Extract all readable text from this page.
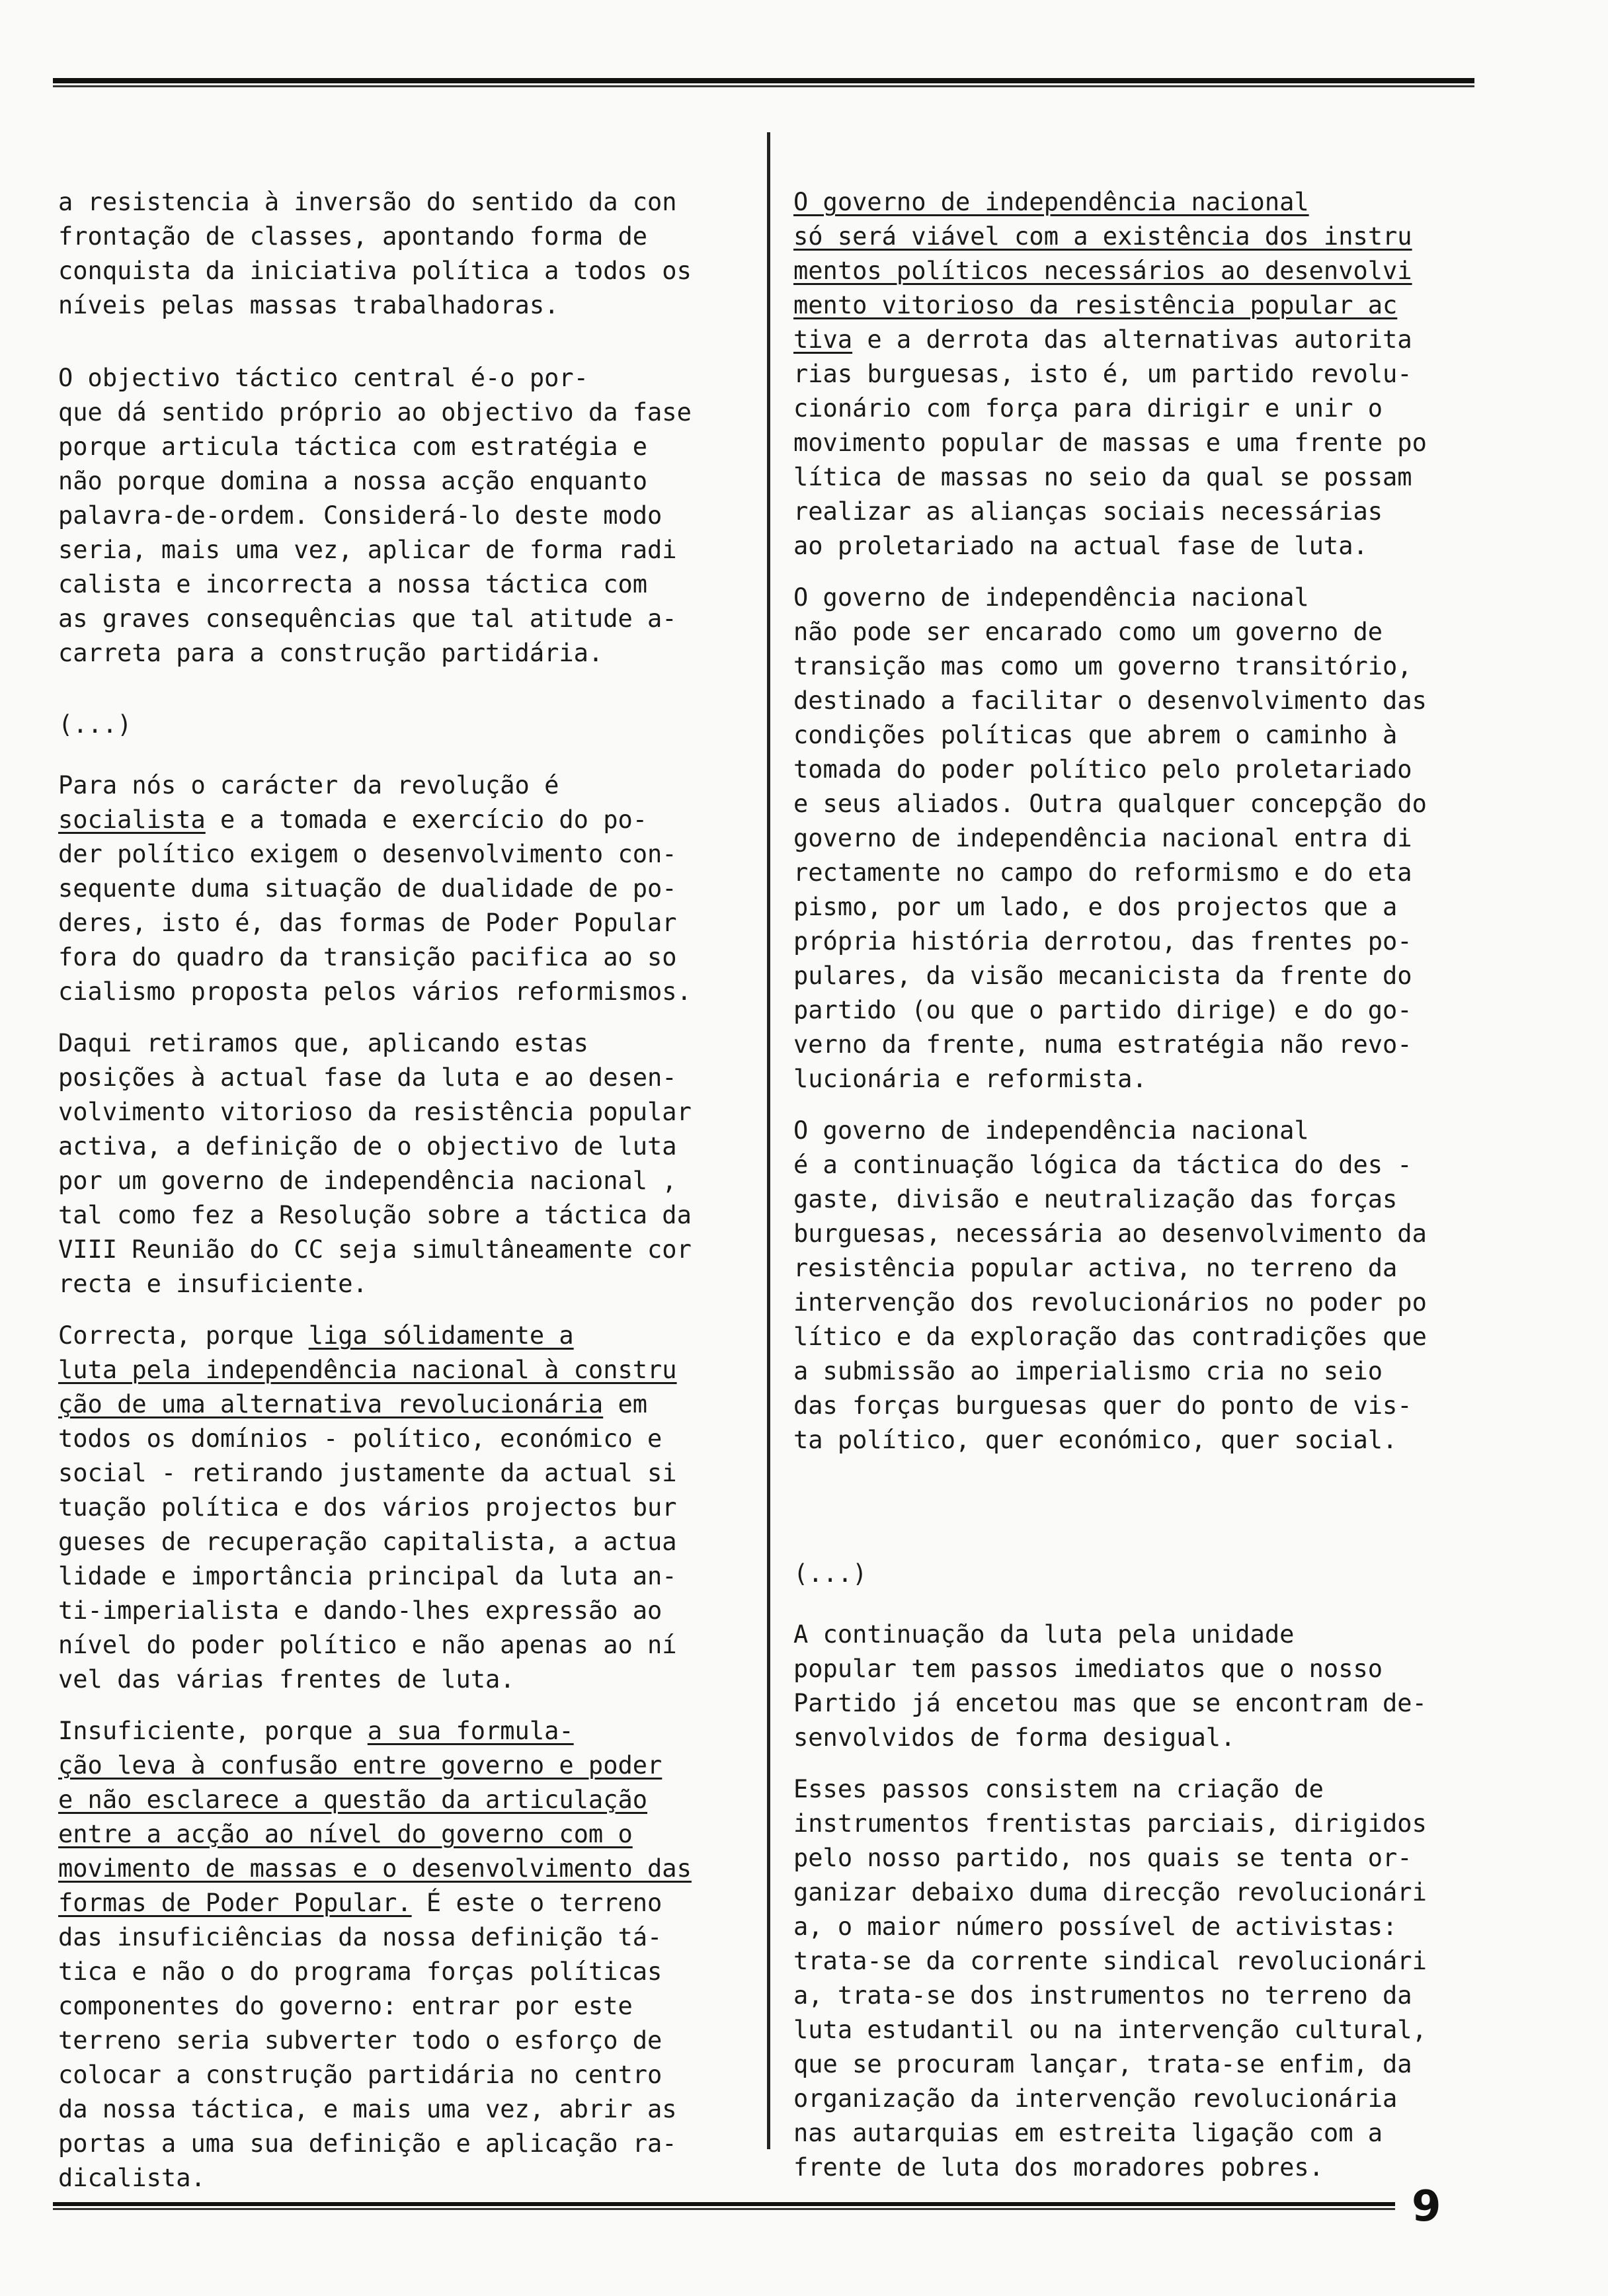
a resistencia à inversão do sentido da con
frontação de classes, apontando forma de
conquista da iniciativa política a todos os
níveis pelas massas trabalhadoras.

O objectivo táctico central é-o por-
que dá sentido próprio ao objectivo da fase
porque articula táctica com estratégia e
não porque domina a nossa acção enquanto
palavra-de-ordem. Considerá-lo deste modo
seria, mais uma vez, aplicar de forma radi
calista e incorrecta a nossa táctica com
as graves consequências que tal atitude a-
carreta para a construção partidária.

(...)

Para nós o carácter da revolução é
socialista e a tomada e exercício do po-
der político exigem o desenvolvimento con-
sequente duma situação de dualidade de po-
deres, isto é, das formas de Poder Popular
fora do quadro da transição pacifica ao so
cialismo proposta pelos vários reformismos.

Daqui retiramos que, aplicando estas
posições à actual fase da luta e ao desen-
volvimento vitorioso da resistência popular
activa, a definição de o objectivo de luta
por um governo de independência nacional ,
tal como fez a Resolução sobre a táctica da
VIII Reunião do CC seja simultâneamente cor
recta e insuficiente.

Correcta, porque liga sólidamente a
luta pela independência nacional à constru
ção de uma alternativa revolucionária em
todos os domínios - político, económico e
social - retirando justamente da actual si
tuação política e dos vários projectos bur
gueses de recuperação capitalista, a actua
lidade e importância principal da luta an-
ti-imperialista e dando-lhes expressão ao
nível do poder político e não apenas ao ní
vel das várias frentes de luta.

Insuficiente, porque a sua formula-
ção leva à confusão entre governo e poder
e não esclarece a questão da articulação
entre a acção ao nível do governo com o
movimento de massas e o desenvolvimento das
formas de Poder Popular. É este o terreno
das insuficiências da nossa definição tá-
tica e não o do programa forças políticas
componentes do governo: entrar por este
terreno seria subverter todo o esforço de
colocar a construção partidária no centro
da nossa táctica, e mais uma vez, abrir as
portas a uma sua definição e aplicação ra-
dicalista.

O governo de independência nacional
só será viável com a existência dos instru
mentos políticos necessários ao desenvolvi
mento vitorioso da resistência popular ac
tiva e a derrota das alternativas autorita
rias burguesas, isto é, um partido revolu-
cionário com força para dirigir e unir o
movimento popular de massas e uma frente po
lítica de massas no seio da qual se possam
realizar as alianças sociais necessárias
ao proletariado na actual fase de luta.

O governo de independência nacional
não pode ser encarado como um governo de
transição mas como um governo transitório,
destinado a facilitar o desenvolvimento das
condições políticas que abrem o caminho à
tomada do poder político pelo proletariado
e seus aliados. Outra qualquer concepção do
governo de independência nacional entra di
rectamente no campo do reformismo e do eta
pismo, por um lado, e dos projectos que a
própria história derrotou, das frentes po-
pulares, da visão mecanicista da frente do
partido (ou que o partido dirige) e do go-
verno da frente, numa estratégia não revo-
lucionária e reformista.

O governo de independência nacional
é a continuação lógica da táctica do des -
gaste, divisão e neutralização das forças
burguesas, necessária ao desenvolvimento da
resistência popular activa, no terreno da
intervenção dos revolucionários no poder po
lítico e da exploração das contradições que
a submissão ao imperialismo cria no seio
das forças burguesas quer do ponto de vis-
ta político, quer económico, quer social.

(...)

A continuação da luta pela unidade
popular tem passos imediatos que o nosso
Partido já encetou mas que se encontram de-
senvolvidos de forma desigual.

Esses passos consistem na criação de
instrumentos frentistas parciais, dirigidos
pelo nosso partido, nos quais se tenta or-
ganizar debaixo duma direcção revolucionári
a, o maior número possível de activistas:
trata-se da corrente sindical revolucionári
a, trata-se dos instrumentos no terreno da
luta estudantil ou na intervenção cultural,
que se procuram lançar, trata-se enfim, da
organização da intervenção revolucionária
nas autarquias em estreita ligação com a
frente de luta dos moradores pobres.

9
